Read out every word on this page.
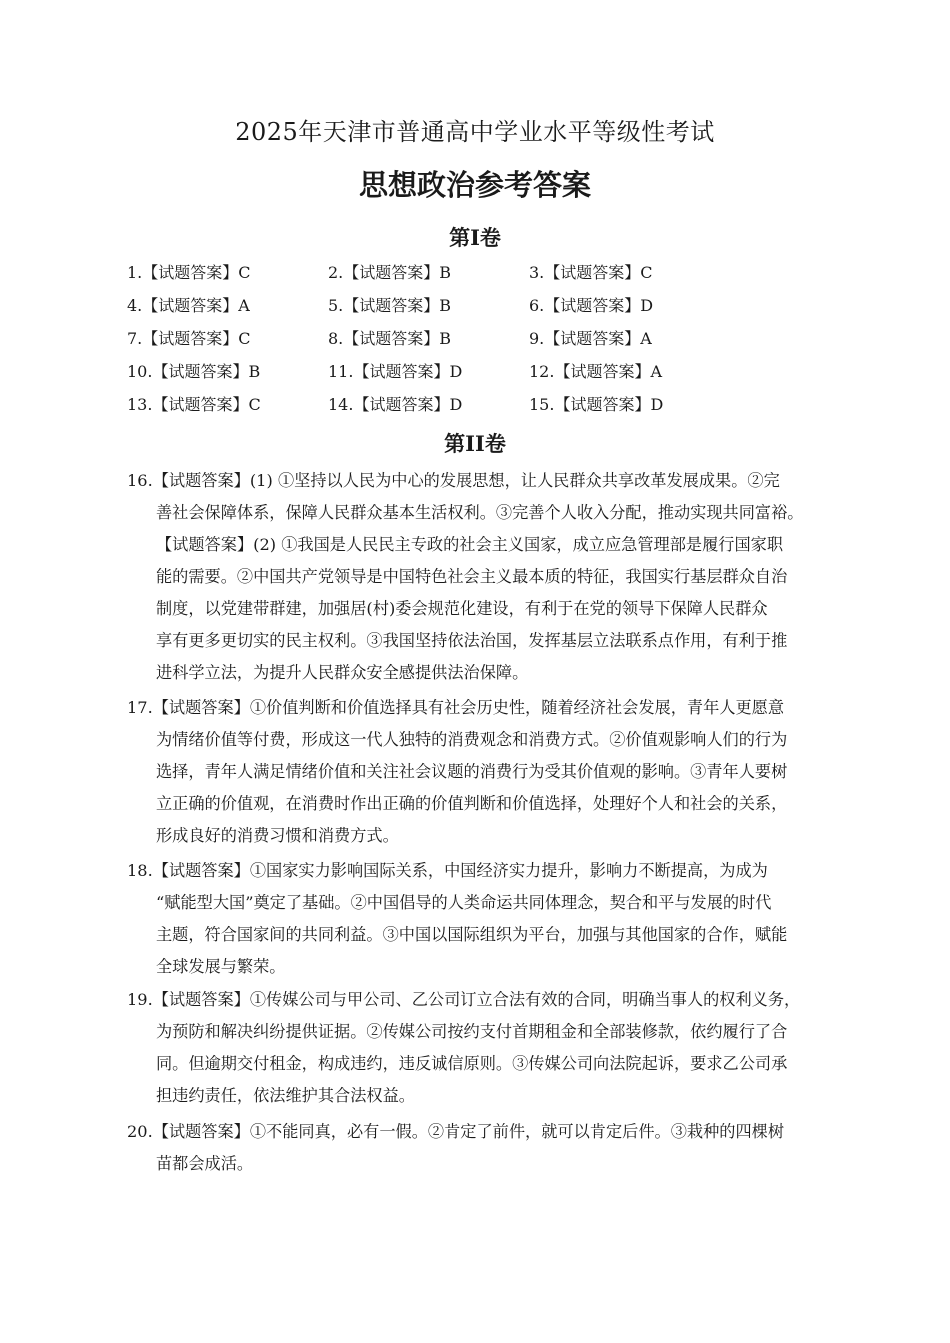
2025年天津市普通高中学业水平等级性考试
思想政治参考答案
第I卷
1.【试题答案】C	2.【试题答案】B	3.【试题答案】C
4.【试题答案】A	5.【试题答案】B	6.【试题答案】D
7.【试题答案】C	8.【试题答案】B	9.【试题答案】A
10.【试题答案】B	11.【试题答案】D	12.【试题答案】A
13.【试题答案】C	14.【试题答案】D	15.【试题答案】D
第II卷
16.【试题答案】(1) ①坚持以人民为中心的发展思想，让人民群众共享改革发展成果。②完
善社会保障体系，保障人民群众基本生活权利。③完善个人收入分配，推动实现共同富裕。
【试题答案】(2) ①我国是人民民主专政的社会主义国家，成立应急管理部是履行国家职
能的需要。②中国共产党领导是中国特色社会主义最本质的特征，我国实行基层群众自治
制度，以党建带群建，加强居(村)委会规范化建设，有利于在党的领导下保障人民群众
享有更多更切实的民主权利。③我国坚持依法治国，发挥基层立法联系点作用，有利于推
进科学立法，为提升人民群众安全感提供法治保障。
17.【试题答案】①价值判断和价值选择具有社会历史性，随着经济社会发展，青年人更愿意
为情绪价值等付费，形成这一代人独特的消费观念和消费方式。②价值观影响人们的行为
选择，青年人满足情绪价值和关注社会议题的消费行为受其价值观的影响。③青年人要树
立正确的价值观，在消费时作出正确的价值判断和价值选择，处理好个人和社会的关系，
形成良好的消费习惯和消费方式。
18.【试题答案】①国家实力影响国际关系，中国经济实力提升，影响力不断提高，为成为
“赋能型大国”奠定了基础。②中国倡导的人类命运共同体理念，契合和平与发展的时代
主题，符合国家间的共同利益。③中国以国际组织为平台，加强与其他国家的合作，赋能
全球发展与繁荣。
19.【试题答案】①传媒公司与甲公司、乙公司订立合法有效的合同，明确当事人的权利义务，
为预防和解决纠纷提供证据。②传媒公司按约支付首期租金和全部装修款，依约履行了合
同。但逾期交付租金，构成违约，违反诚信原则。③传媒公司向法院起诉，要求乙公司承
担违约责任，依法维护其合法权益。
20.【试题答案】①不能同真，必有一假。②肯定了前件，就可以肯定后件。③栽种的四棵树
苗都会成活。
